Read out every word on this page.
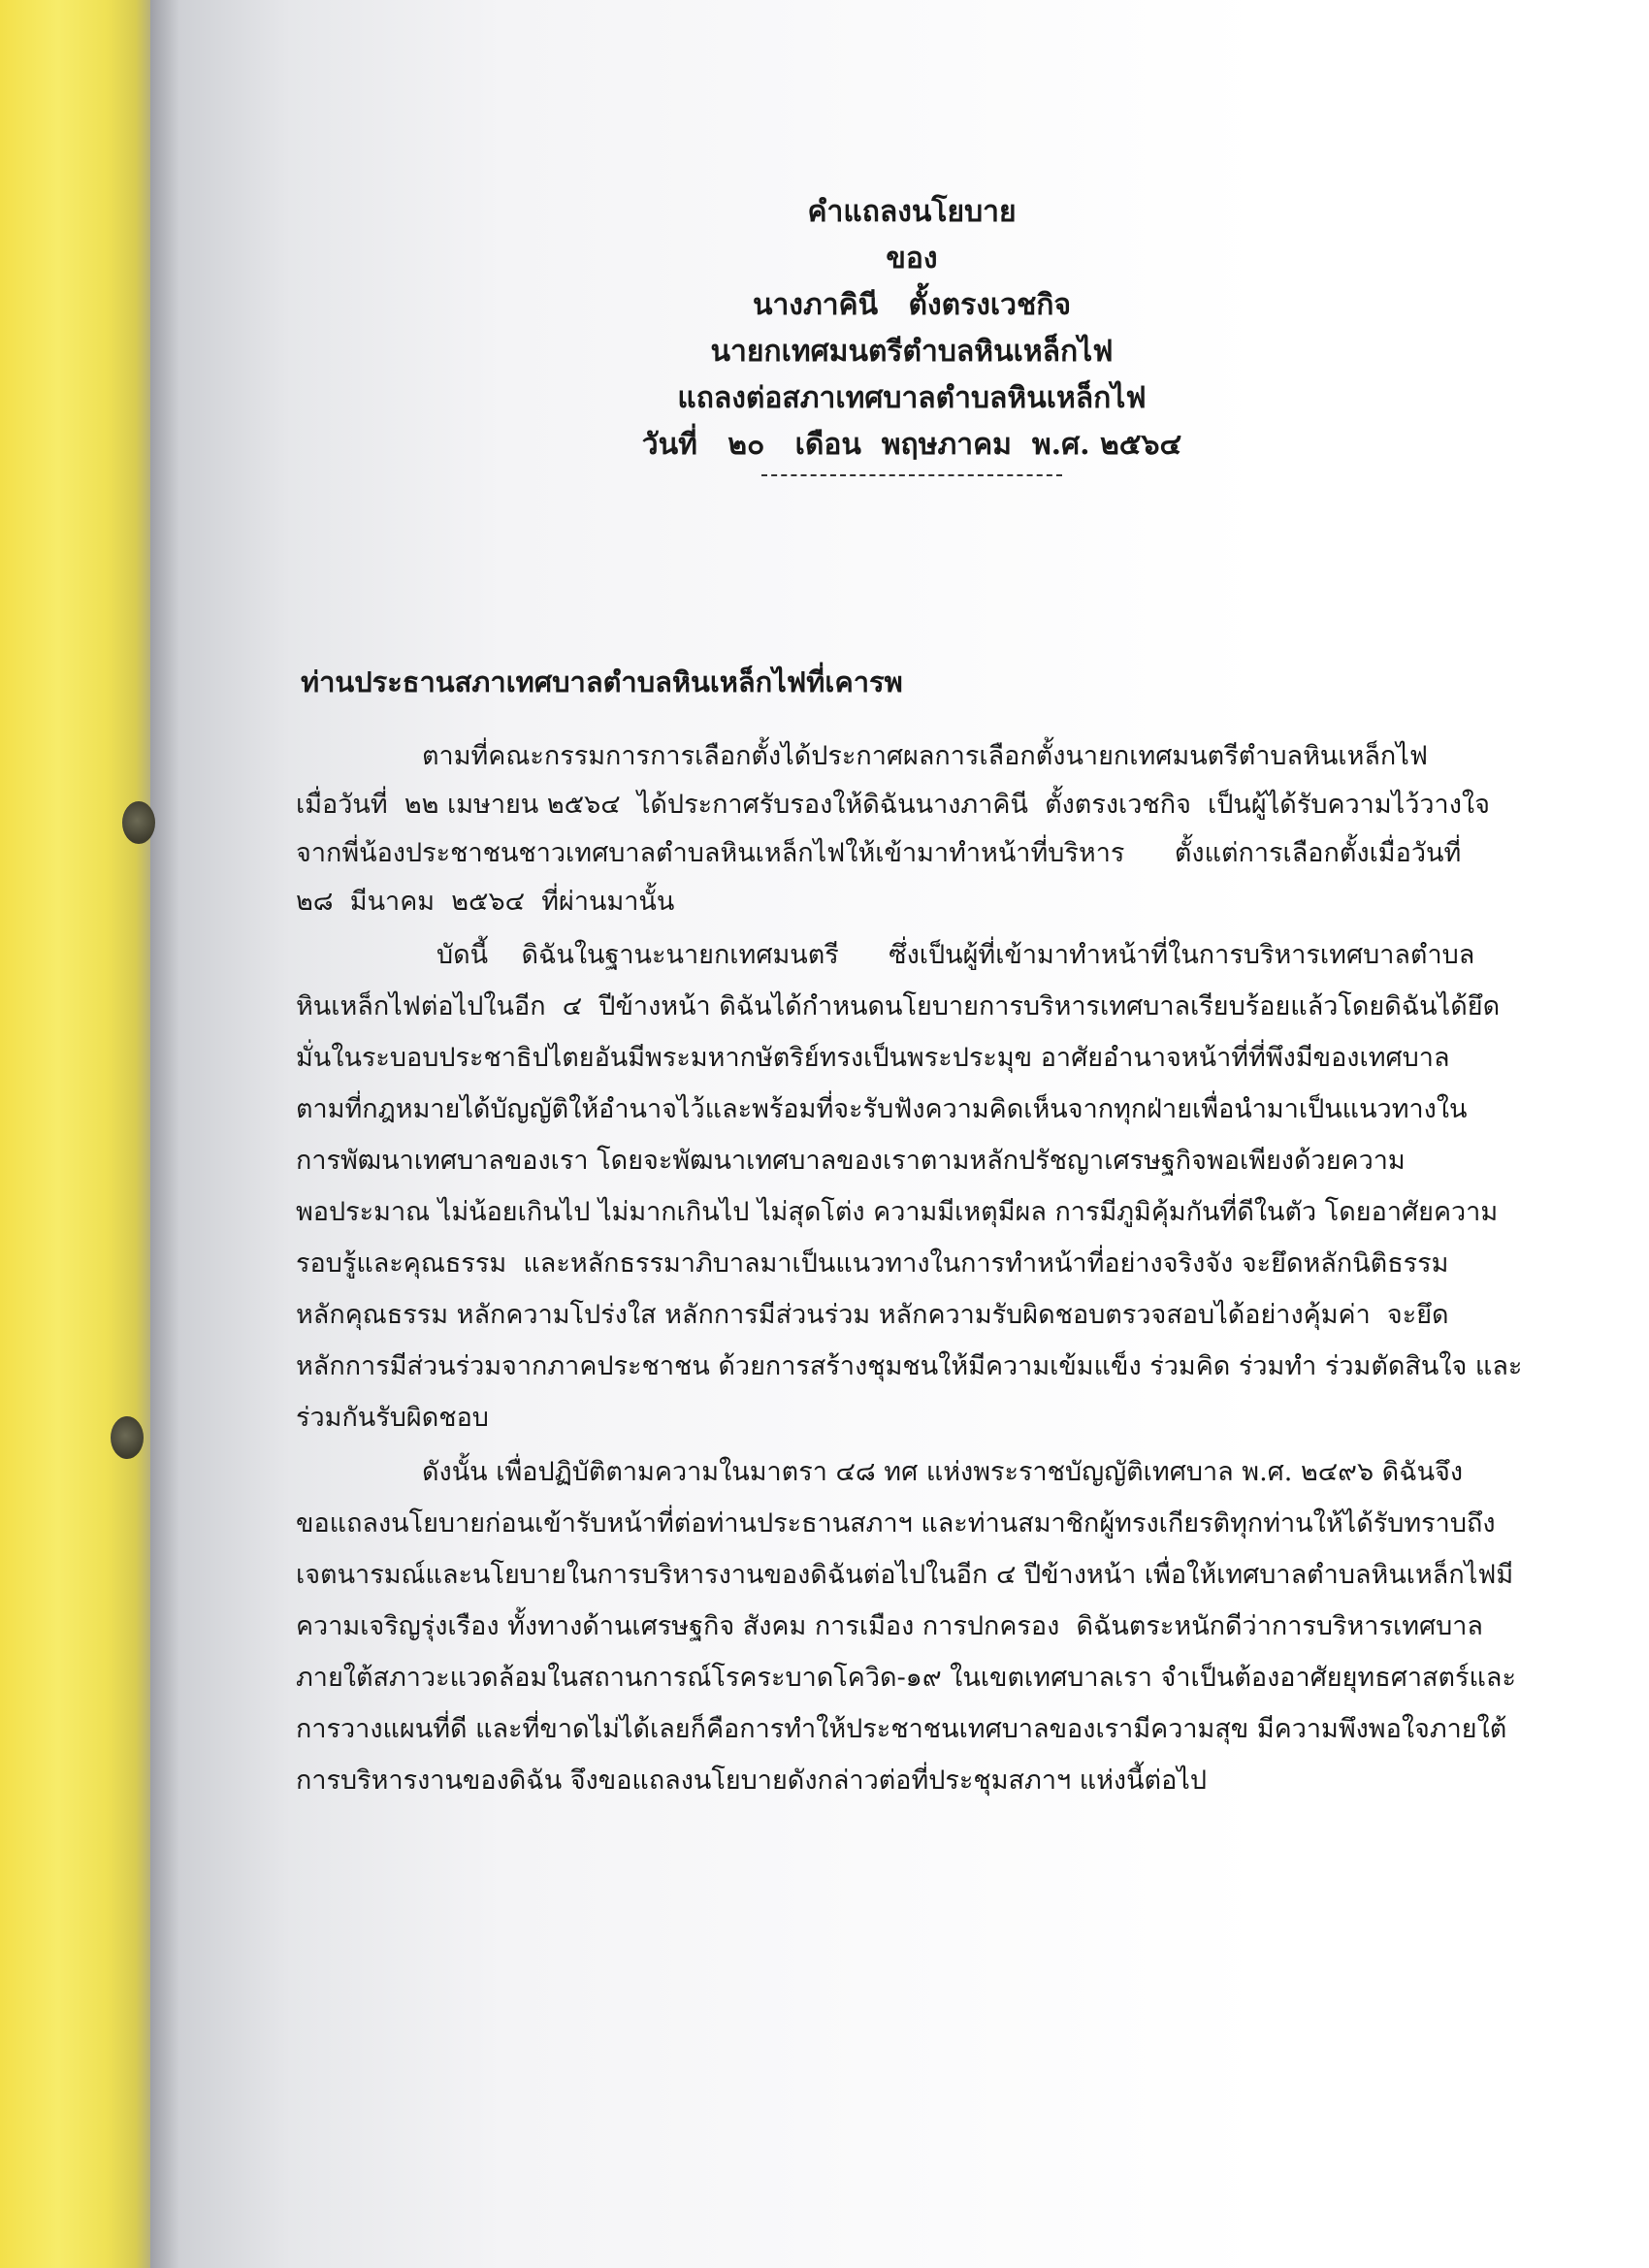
คำแถลงนโยบาย
ของ
นางภาคินี   ตั้งตรงเวชกิจ
นายกเทศมนตรีตำบลหินเหล็กไฟ
แถลงต่อสภาเทศบาลตำบลหินเหล็กไฟ
วันที่   ๒๐   เดือน  พฤษภาคม  พ.ศ. ๒๕๖๔
ท่านประธานสภาเทศบาลตำบลหินเหล็กไฟที่เคารพ
ตามที่คณะกรรมการการเลือกตั้งได้ประกาศผลการเลือกตั้งนายกเทศมนตรีตำบลหินเหล็กไฟ
เมื่อวันที่  ๒๒ เมษายน ๒๕๖๔  ได้ประกาศรับรองให้ดิฉันนางภาคินี  ตั้งตรงเวชกิจ  เป็นผู้ได้รับความไว้วางใจ
จากพี่น้องประชาชนชาวเทศบาลตำบลหินเหล็กไฟให้เข้ามาทำหน้าที่บริหาร      ตั้งแต่การเลือกตั้งเมื่อวันที่
๒๘  มีนาคม  ๒๕๖๔  ที่ผ่านมานั้น
บัดนี้    ดิฉันในฐานะนายกเทศมนตรี      ซึ่งเป็นผู้ที่เข้ามาทำหน้าที่ในการบริหารเทศบาลตำบล
หินเหล็กไฟต่อไปในอีก  ๔  ปีข้างหน้า ดิฉันได้กำหนดนโยบายการบริหารเทศบาลเรียบร้อยแล้วโดยดิฉันได้ยึด
มั่นในระบอบประชาธิปไตยอันมีพระมหากษัตริย์ทรงเป็นพระประมุข อาศัยอำนาจหน้าที่ที่พึงมีของเทศบาล
ตามที่กฎหมายได้บัญญัติให้อำนาจไว้และพร้อมที่จะรับฟังความคิดเห็นจากทุกฝ่ายเพื่อนำมาเป็นแนวทางใน
การพัฒนาเทศบาลของเรา โดยจะพัฒนาเทศบาลของเราตามหลักปรัชญาเศรษฐกิจพอเพียงด้วยความ
พอประมาณ ไม่น้อยเกินไป ไม่มากเกินไป ไม่สุดโต่ง ความมีเหตุมีผล การมีภูมิคุ้มกันที่ดีในตัว โดยอาศัยความ
รอบรู้และคุณธรรม  และหลักธรรมาภิบาลมาเป็นแนวทางในการทำหน้าที่อย่างจริงจัง จะยึดหลักนิติธรรม
หลักคุณธรรม หลักความโปร่งใส หลักการมีส่วนร่วม หลักความรับผิดชอบตรวจสอบได้อย่างคุ้มค่า  จะยึด
หลักการมีส่วนร่วมจากภาคประชาชน ด้วยการสร้างชุมชนให้มีความเข้มแข็ง ร่วมคิด ร่วมทำ ร่วมตัดสินใจ และ
ร่วมกันรับผิดชอบ
ดังนั้น เพื่อปฏิบัติตามความในมาตรา ๔๘ ทศ แห่งพระราชบัญญัติเทศบาล พ.ศ. ๒๔๙๖ ดิฉันจึง
ขอแถลงนโยบายก่อนเข้ารับหน้าที่ต่อท่านประธานสภาฯ และท่านสมาชิกผู้ทรงเกียรติทุกท่านให้ได้รับทราบถึง
เจตนารมณ์และนโยบายในการบริหารงานของดิฉันต่อไปในอีก ๔ ปีข้างหน้า เพื่อให้เทศบาลตำบลหินเหล็กไฟมี
ความเจริญรุ่งเรือง ทั้งทางด้านเศรษฐกิจ สังคม การเมือง การปกครอง  ดิฉันตระหนักดีว่าการบริหารเทศบาล
ภายใต้สภาวะแวดล้อมในสถานการณ์โรคระบาดโควิด-๑๙ ในเขตเทศบาลเรา จำเป็นต้องอาศัยยุทธศาสตร์และ
การวางแผนที่ดี และที่ขาดไม่ได้เลยก็คือการทำให้ประชาชนเทศบาลของเรามีความสุข มีความพึงพอใจภายใต้
การบริหารงานของดิฉัน จึงขอแถลงนโยบายดังกล่าวต่อที่ประชุมสภาฯ แห่งนี้ต่อไป
